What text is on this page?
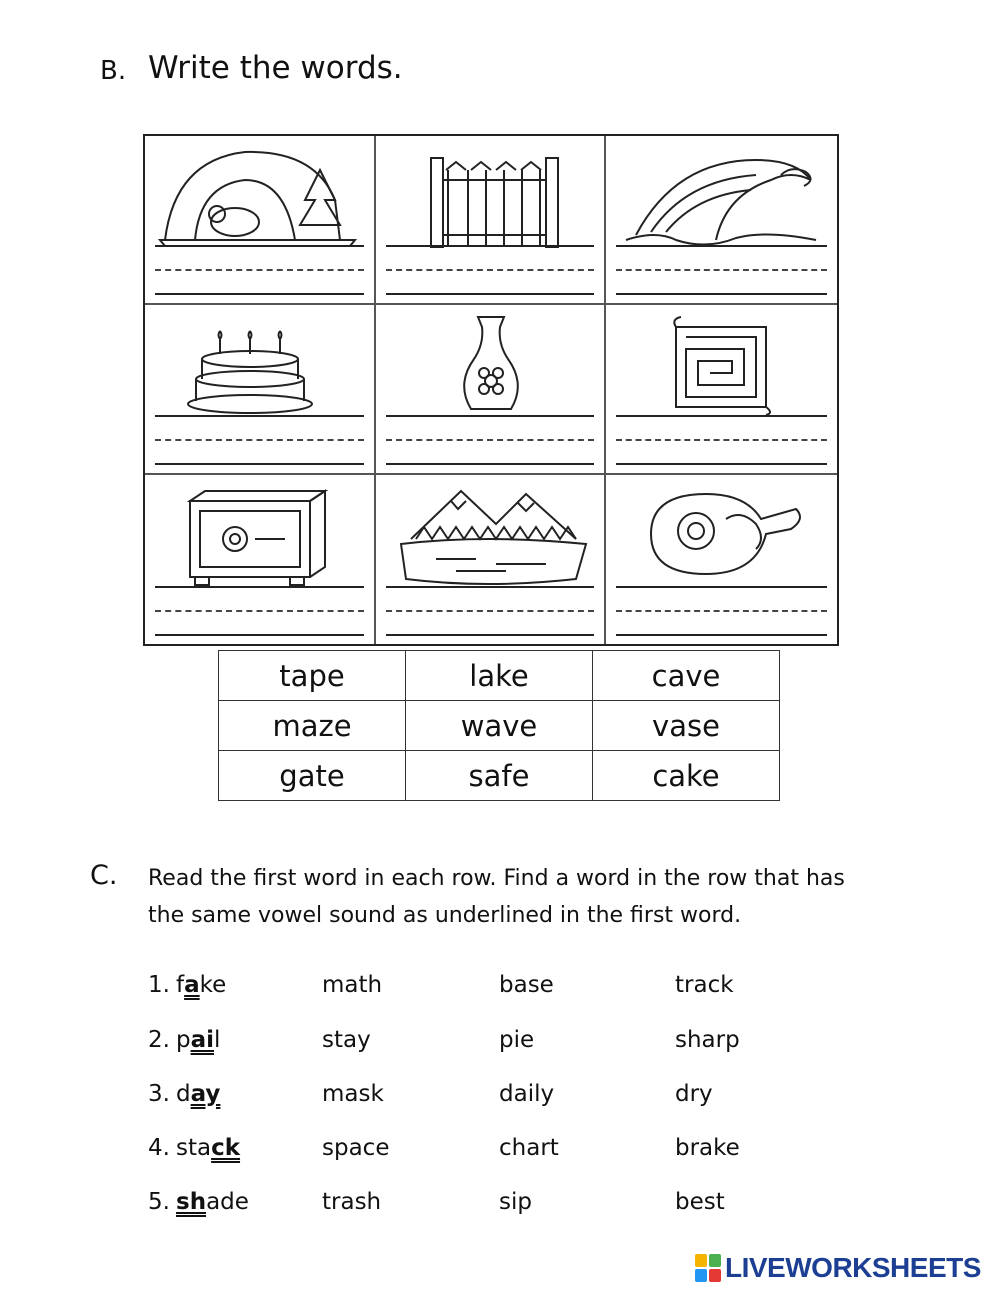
B. Write the words.
tape	lake	cave
maze	wave	vase
gate	safe	cake
C. Read the first word in each row. Find a word in the row that has
the same vowel sound as underlined in the first word.
1. fake	math	base	track
2. pail	stay	pie	sharp
3. day	mask	daily	dry
4. stack	space	chart	brake
5. shade	trash	sip	best
LIVEWORKSHEETS
